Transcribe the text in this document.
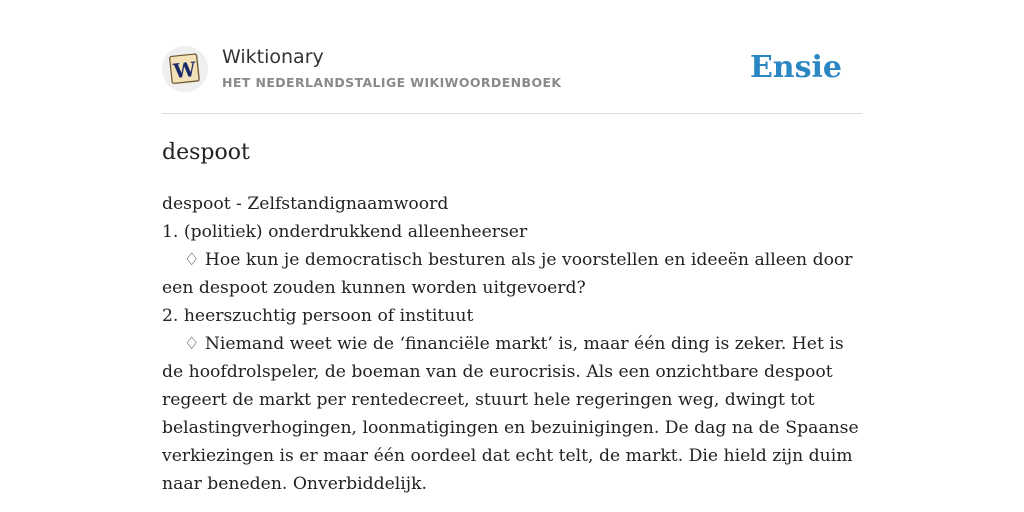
W
Wiktionary
HET NEDERLANDSTALIGE WIKIWOORDENBOEK	Ensie
despoot

despoot - Zelfstandignaamwoord

1. (politiek) onderdrukkend alleenheerser

♢ Hoe kun je democratisch besturen als je voorstellen en ideeën alleen door een despoot zouden kunnen worden uitgevoerd?

2. heerszuchtig persoon of instituut

♢ Niemand weet wie de ‘financiële markt’ is, maar één ding is zeker. Het is de hoofdrolspeler, de boeman van de eurocrisis. Als een onzichtbare despoot regeert de markt per rentedecreet, stuurt hele regeringen weg, dwingt tot belastingverhogingen, loonmatigingen en bezuinigingen. De dag na de Spaanse verkiezingen is er maar één oordeel dat echt telt, de markt. Die hield zijn duim naar beneden. Onverbiddelijk.
